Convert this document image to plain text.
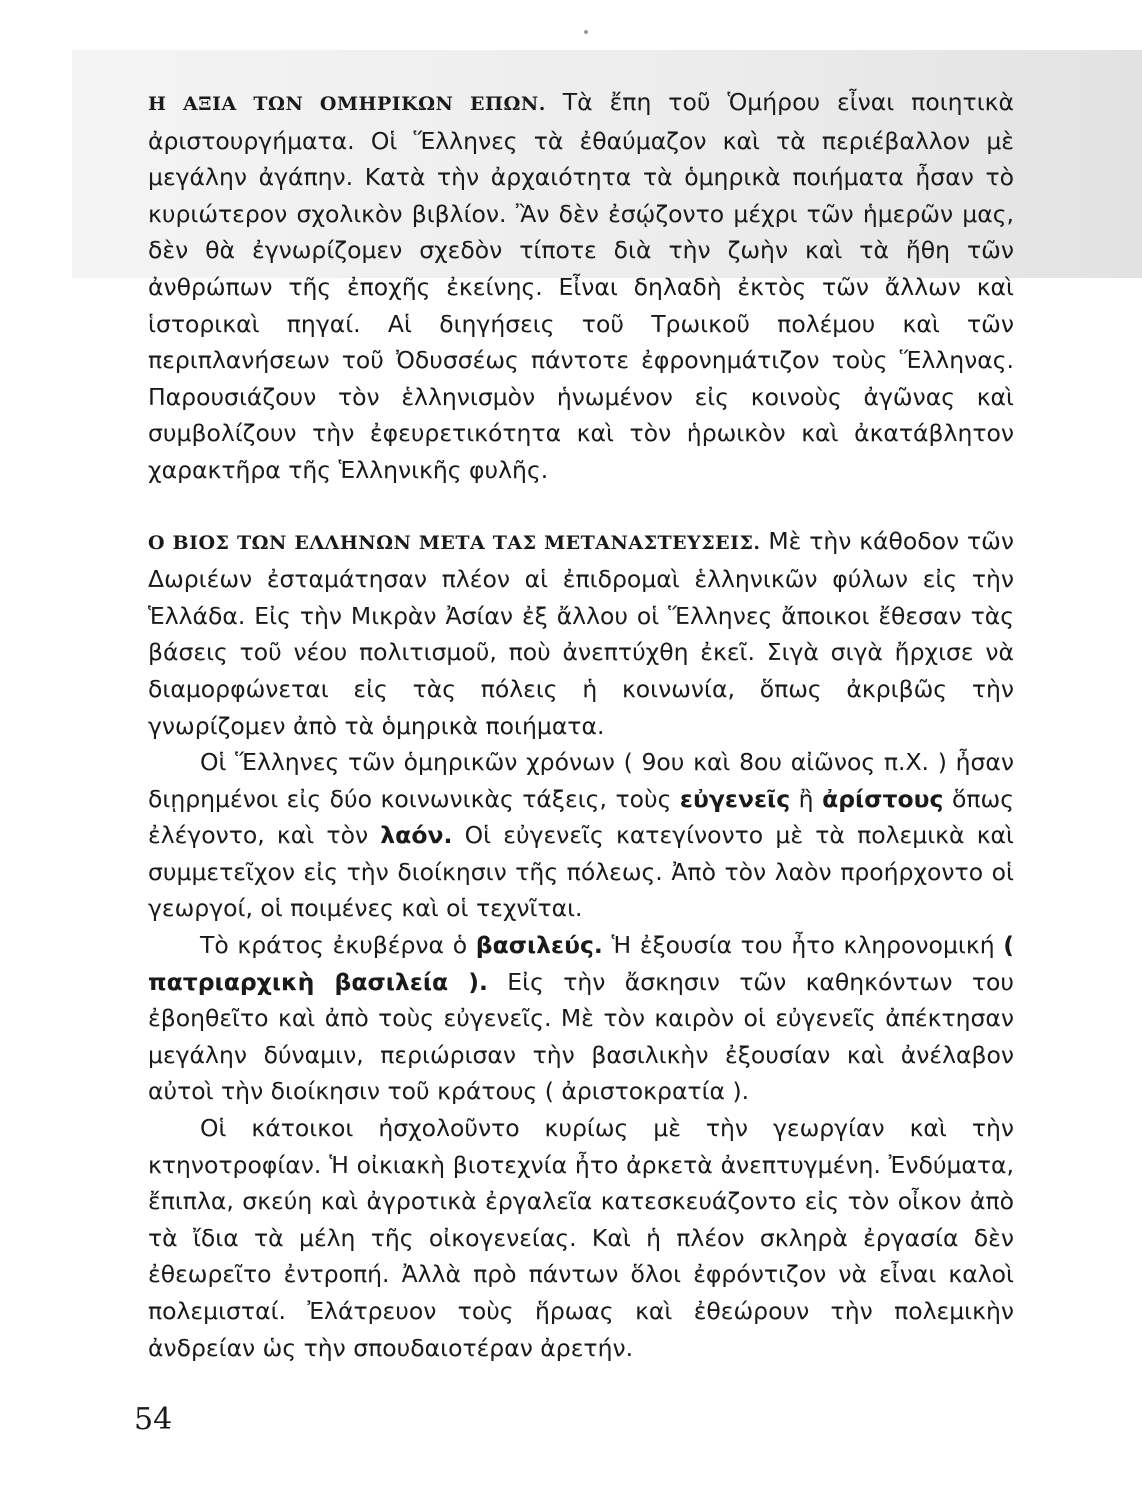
Η ΑΞΙΑ ΤΩΝ ΟΜΗΡΙΚΩΝ ΕΠΩΝ. Τὰ ἔπη τοῦ Ὁμήρου εἶναι ποιητικὰ ἀριστουργήματα. Οἱ Ἕλληνες τὰ ἐθαύμαζον καὶ τὰ περιέβαλλον μὲ μεγάλην ἀγάπην. Κατὰ τὴν ἀρχαιότητα τὰ ὁμηρικὰ ποιήματα ἦσαν τὸ κυριώτερον σχολικὸν βιβλίον. Ἂν δὲν ἐσῴζοντο μέχρι τῶν ἡμερῶν μας, δὲν θὰ ἐγνωρίζομεν σχεδὸν τίποτε διὰ τὴν ζωὴν καὶ τὰ ἤθη τῶν ἀνθρώπων τῆς ἐποχῆς ἐκείνης. Εἶναι δηλαδὴ ἐκτὸς τῶν ἄλλων καὶ ἱστορικαὶ πηγαί. Αἱ διηγήσεις τοῦ Τρωικοῦ πολέμου καὶ τῶν περιπλανήσεων τοῦ Ὀδυσσέως πάντοτε ἐφρονημάτιζον τοὺς Ἕλληνας. Παρουσιάζουν τὸν ἑλληνισμὸν ἡνωμένον εἰς κοινοὺς ἀγῶνας καὶ συμβολίζουν τὴν ἐφευρετικότητα καὶ τὸν ἡρωικὸν καὶ ἀκατάβλητον χαρακτῆρα τῆς Ἑλληνικῆς φυλῆς.

Ο ΒΙΟΣ ΤΩΝ ΕΛΛΗΝΩΝ ΜΕΤΑ ΤΑΣ ΜΕΤΑΝΑΣΤΕΥΣΕΙΣ. Μὲ τὴν κάθοδον τῶν Δωριέων ἐσταμάτησαν πλέον αἱ ἐπιδρομαὶ ἑλληνικῶν φύλων εἰς τὴν Ἑλλάδα. Εἰς τὴν Μικρὰν Ἀσίαν ἐξ ἄλλου οἱ Ἕλληνες ἄποικοι ἔθεσαν τὰς βάσεις τοῦ νέου πολιτισμοῦ, ποὺ ἀνεπτύχθη ἐκεῖ. Σιγὰ σιγὰ ἤρχισε νὰ διαμορφώνεται εἰς τὰς πόλεις ἡ κοινωνία, ὅπως ἀκριβῶς τὴν γνωρίζομεν ἀπὸ τὰ ὁμηρικὰ ποιήματα.

Οἱ Ἕλληνες τῶν ὁμηρικῶν χρόνων ( 9ου καὶ 8ου αἰῶνος π.Χ. ) ἦσαν διῃρημένοι εἰς δύο κοινωνικὰς τάξεις, τοὺς εὐγενεῖς ἢ ἀρίστους ὅπως ἐλέγοντο, καὶ τὸν λαόν. Οἱ εὐγενεῖς κατεγίνοντο μὲ τὰ πολεμικὰ καὶ συμμετεῖχον εἰς τὴν διοίκησιν τῆς πόλεως. Ἀπὸ τὸν λαὸν προήρχοντο οἱ γεωργοί, οἱ ποιμένες καὶ οἱ τεχνῖται.

Τὸ κράτος ἐκυβέρνα ὁ βασιλεύς. Ἡ ἐξουσία του ἦτο κληρονομική ( πατριαρχικὴ βασιλεία ). Εἰς τὴν ἄσκησιν τῶν καθηκόντων του ἐβοηθεῖτο καὶ ἀπὸ τοὺς εὐγενεῖς. Μὲ τὸν καιρὸν οἱ εὐγενεῖς ἀπέκτησαν μεγάλην δύναμιν, περιώρισαν τὴν βασιλικὴν ἐξουσίαν καὶ ἀνέλαβον αὐτοὶ τὴν διοίκησιν τοῦ κράτους ( ἀριστοκρατία ).

Οἱ κάτοικοι ἠσχολοῦντο κυρίως μὲ τὴν γεωργίαν καὶ τὴν κτηνοτροφίαν. Ἡ οἰκιακὴ βιοτεχνία ἦτο ἀρκετὰ ἀνεπτυγμένη. Ἐνδύματα, ἔπιπλα, σκεύη καὶ ἀγροτικὰ ἐργαλεῖα κατεσκευάζοντο εἰς τὸν οἶκον ἀπὸ τὰ ἴδια τὰ μέλη τῆς οἰκογενείας. Καὶ ἡ πλέον σκληρὰ ἐργασία δὲν ἐθεωρεῖτο ἐντροπή. Ἀλλὰ πρὸ πάντων ὅλοι ἐφρόντιζον νὰ εἶναι καλοὶ πολεμισταί. Ἐλάτρευον τοὺς ἥρωας καὶ ἐθεώρουν τὴν πολεμικὴν ἀνδρείαν ὡς τὴν σπουδαιοτέραν ἀρετήν.

54
